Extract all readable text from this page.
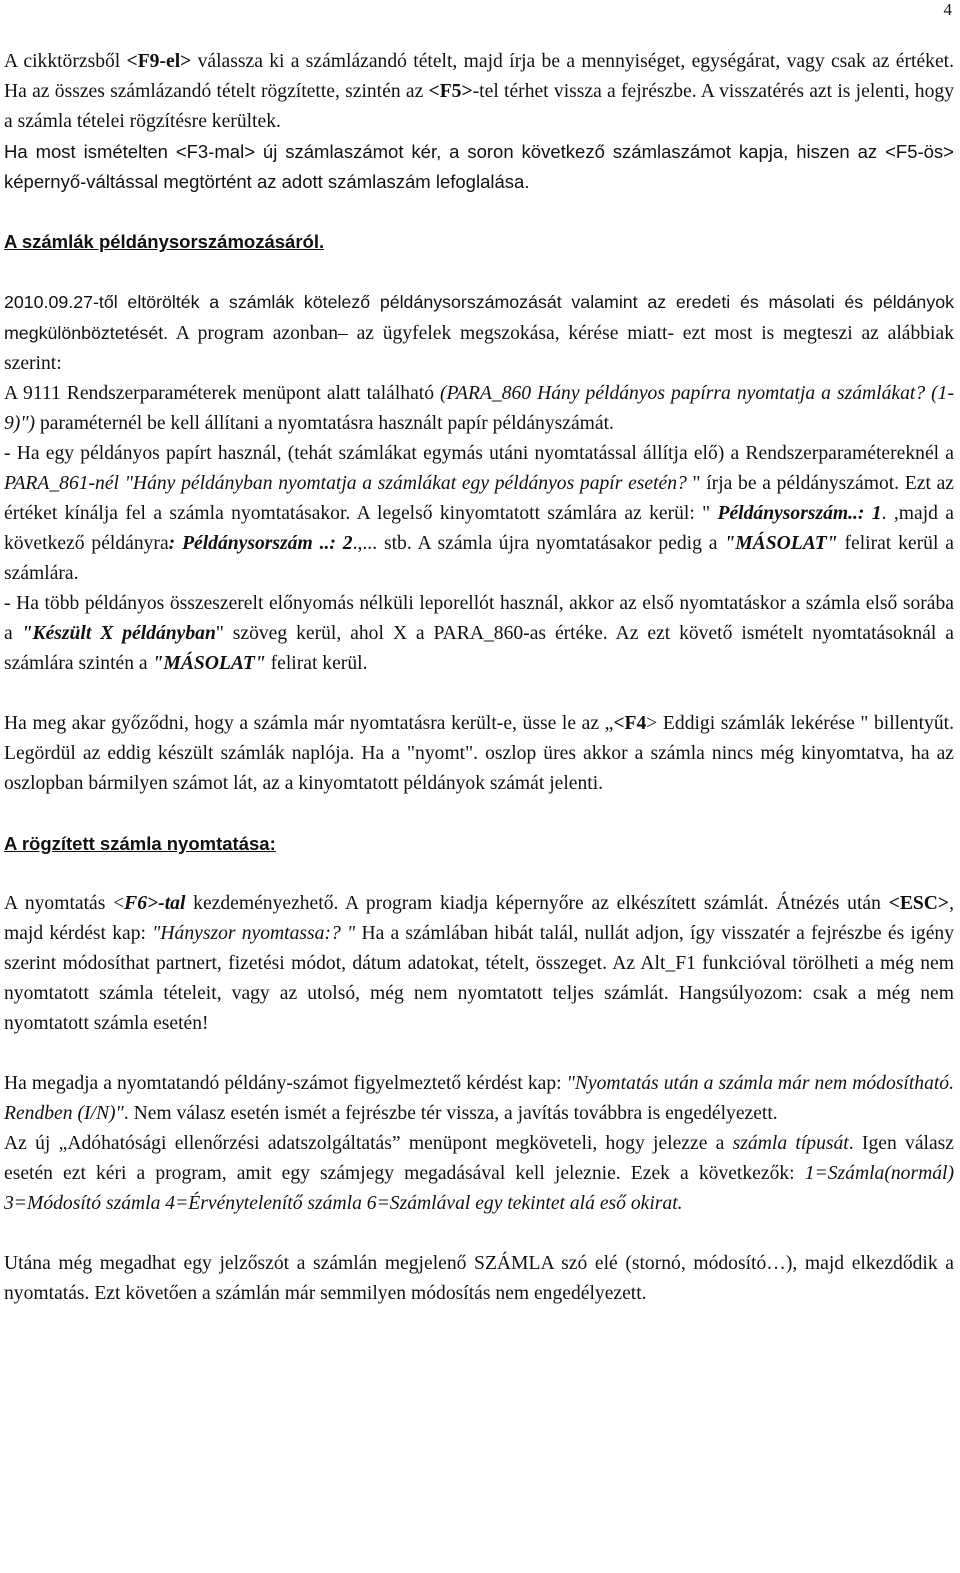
4

A cikktörzsből <F9-el> válassza ki a számlázandó tételt, majd írja be a mennyiséget, egységárat, vagy csak az értéket. Ha az összes számlázandó tételt rögzítette, szintén az <F5>-tel térhet vissza a fejrészbe. A visszatérés azt is jelenti, hogy a számla tételei rögzítésre kerültek.

Ha most ismételten <F3-mal> új számlaszámot kér, a soron következő számlaszámot kapja, hiszen az <F5-ös> képernyő-váltással megtörtént az adott számlaszám lefoglalása.

A számlák példánysorszámozásáról.

2010.09.27-től eltörölték a számlák kötelező példánysorszámozását valamint az eredeti és másolati és példányok megkülönböztetését. A program azonban– az ügyfelek megszokása, kérése miatt- ezt most is megteszi az alábbiak szerint:

A 9111 Rendszerparaméterek menüpont alatt található (PARA_860 Hány példányos papírra nyomtatja a számlákat? (1-9)") paraméternél be kell állítani a nyomtatásra használt papír példányszámát.

- Ha egy példányos papírt használ, (tehát számlákat egymás utáni nyomtatással állítja elő) a Rendszerparamétereknél a PARA_861-nél "Hány példányban nyomtatja a számlákat egy példányos papír esetén? " írja be a példányszámot. Ezt az értéket kínálja fel a számla nyomtatásakor. A legelső kinyomtatott számlára az kerül: " Példánysorszám..: 1. ,majd a következő példányra: Példánysorszám ..: 2.,... stb. A számla újra nyomtatásakor pedig a "MÁSOLAT" felirat kerül a számlára.

- Ha több példányos összeszerelt előnyomás nélküli leporellót használ, akkor az első nyomtatáskor a számla első sorába a "Készült X példányban" szöveg kerül, ahol X a PARA_860-as értéke. Az ezt követő ismételt nyomtatásoknál a számlára szintén a "MÁSOLAT" felirat kerül.

Ha meg akar győződni, hogy a számla már nyomtatásra került-e, üsse le az „<F4> Eddigi számlák lekérése " billentyűt. Legördül az eddig készült számlák naplója. Ha a "nyomt". oszlop üres akkor a számla nincs még kinyomtatva, ha az oszlopban bármilyen számot lát, az a kinyomtatott példányok számát jelenti.

A rögzített számla nyomtatása:

A nyomtatás <F6>-tal kezdeményezhető. A program kiadja képernyőre az elkészített számlát. Átnézés után <ESC>, majd kérdést kap: "Hányszor nyomtassa:? " Ha a számlában hibát talál, nullát adjon, így visszatér a fejrészbe és igény szerint módosíthat partnert, fizetési módot, dátum adatokat, tételt, összeget. Az Alt_F1 funkcióval törölheti a még nem nyomtatott számla tételeit, vagy az utolsó, még nem nyomtatott teljes számlát. Hangsúlyozom: csak a még nem nyomtatott számla esetén!

Ha megadja a nyomtatandó példány-számot figyelmeztető kérdést kap: "Nyomtatás után a számla már nem módosítható. Rendben (I/N)". Nem válasz esetén ismét a fejrészbe tér vissza, a javítás továbbra is engedélyezett.

Az új „Adóhatósági ellenőrzési adatszolgáltatás” menüpont megköveteli, hogy jelezze a számla típusát. Igen válasz esetén ezt kéri a program, amit egy számjegy megadásával kell jeleznie. Ezek a következők: 1=Számla(normál) 3=Módosító számla 4=Érvénytelenítő számla 6=Számlával egy tekintet alá eső okirat.

Utána még megadhat egy jelzőszót a számlán megjelenő SZÁMLA szó elé (stornó, módosító…), majd elkezdődik a nyomtatás. Ezt követően a számlán már semmilyen módosítás nem engedélyezett.
